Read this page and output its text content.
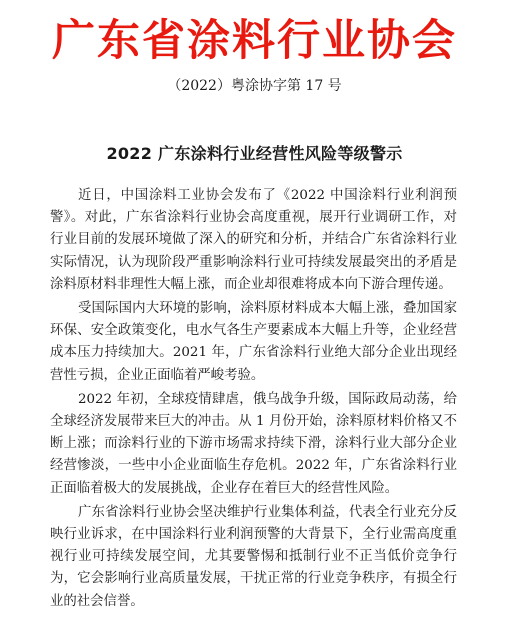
广东省涂料行业协会
（2022）粤涂协字第 17 号
2022 广东涂料行业经营性风险等级警示

近日，中国涂料工业协会发布了《2022 中国涂料行业利润预警》。对此，广东省涂料行业协会高度重视，展开行业调研工作，对行业目前的发展环境做了深入的研究和分析，并结合广东省涂料行业实际情况，认为现阶段严重影响涂料行业可持续发展最突出的矛盾是涂料原材料非理性大幅上涨，而企业却很难将成本向下游合理传递。

受国际国内大环境的影响，涂料原材料成本大幅上涨，叠加国家环保、安全政策变化，电水气各生产要素成本大幅上升等，企业经营成本压力持续加大。2021 年，广东省涂料行业绝大部分企业出现经营性亏损，企业正面临着严峻考验。

2022 年初，全球疫情肆虐，俄乌战争升级，国际政局动荡，给全球经济发展带来巨大的冲击。从 1 月份开始，涂料原材料价格又不断上涨；而涂料行业的下游市场需求持续下滑，涂料行业大部分企业经营惨淡，一些中小企业面临生存危机。2022 年，广东省涂料行业正面临着极大的发展挑战，企业存在着巨大的经营性风险。

广东省涂料行业协会坚决维护行业集体利益，代表全行业充分反映行业诉求，在中国涂料行业利润预警的大背景下，全行业需高度重视行业可持续发展空间，尤其要警惕和抵制行业不正当低价竞争行为，它会影响行业高质量发展，干扰正常的行业竞争秩序，有损全行业的社会信誉。
